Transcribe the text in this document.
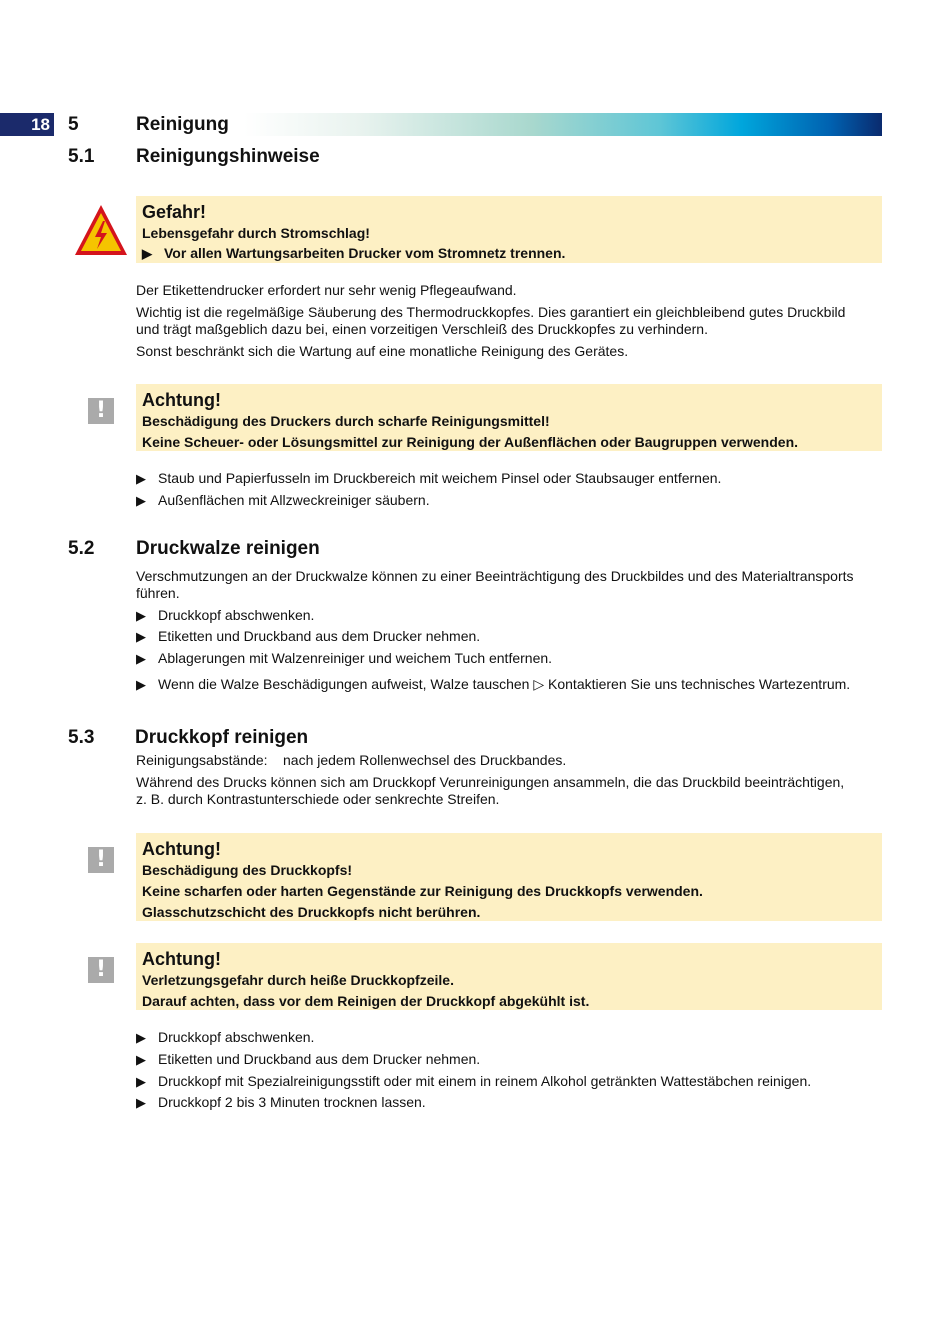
18 5	Reinigung
5.1 Reinigungshinweise
Gefahr!
Lebensgefahr durch Stromschlag!
▶ Vor allen Wartungsarbeiten Drucker vom Stromnetz trennen.
Der Etikettendrucker erfordert nur sehr wenig Pflegeaufwand.
Wichtig ist die regelmäßige Säuberung des Thermodruckkopfes. Dies garantiert ein gleichbleibend gutes Druckbild
und trägt maßgeblich dazu bei, einen vorzeitigen Verschleiß des Druckkopfes zu verhindern.
Sonst beschränkt sich die Wartung auf eine monatliche Reinigung des Gerätes.
!	Achtung!
Beschädigung des Druckers durch scharfe Reinigungsmittel!
Keine Scheuer- oder Lösungsmittel zur Reinigung der Außenflächen oder Baugruppen verwenden.
▶ Staub und Papierfusseln im Druckbereich mit weichem Pinsel oder Staubsauger entfernen.
▶ Außenflächen mit Allzweckreiniger säubern.
5.2 Druckwalze reinigen
Verschmutzungen an der Druckwalze können zu einer Beeinträchtigung des Druckbildes und des Materialtransports
führen.
▶ Druckkopf abschwenken.
▶ Etiketten und Druckband aus dem Drucker nehmen.
▶ Ablagerungen mit Walzenreiniger und weichem Tuch entfernen.
▶ Wenn die Walze Beschädigungen aufweist, Walze tauschen ▷ Kontaktieren Sie uns technisches Wartezentrum.
5.3 Druckkopf reinigen
Reinigungsabstände: nach jedem Rollenwechsel des Druckbandes.
Während des Drucks können sich am Druckkopf Verunreinigungen ansammeln, die das Druckbild beeinträchtigen,
z. B. durch Kontrastunterschiede oder senkrechte Streifen.
!	Achtung!
Beschädigung des Druckkopfs!
Keine scharfen oder harten Gegenstände zur Reinigung des Druckkopfs verwenden.
Glasschutzschicht des Druckkopfs nicht berühren.
!	Achtung!
Verletzungsgefahr durch heiße Druckkopfzeile.
Darauf achten, dass vor dem Reinigen der Druckkopf abgekühlt ist.
▶ Druckkopf abschwenken.
▶ Etiketten und Druckband aus dem Drucker nehmen.
▶ Druckkopf mit Spezialreinigungsstift oder mit einem in reinem Alkohol getränkten Wattestäbchen reinigen.
▶ Druckkopf 2 bis 3 Minuten trocknen lassen.
